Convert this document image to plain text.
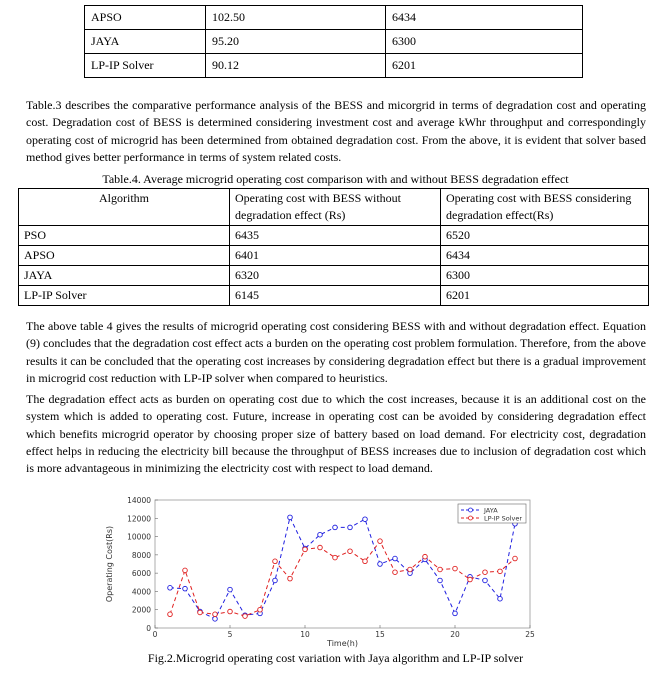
APSO	102.50	6434
JAYA	95.20	6300
LP-IP Solver	90.12	6201

Table.3 describes the comparative performance analysis of the BESS and micorgrid in terms of degradation cost and operating cost. Degradation cost of BESS is determined considering investment cost and average kWhr throughput and correspondingly operating cost of microgrid has been determined from obtained degradation cost. From the above, it is evident that solver based method gives better performance in terms of system related costs.

Table.4. Average microgrid operating cost comparison with and without BESS degradation effect
Algorithm	Operating cost with BESS without degradation effect (Rs)	Operating cost with BESS considering degradation effect(Rs)
PSO	6435	6520
APSO	6401	6434
JAYA	6320	6300
LP-IP Solver	6145	6201

The above table 4 gives the results of microgrid operating cost considering BESS with and without degradation effect. Equation (9) concludes that the degradation cost effect acts a burden on the operating cost problem formulation. Therefore, from the above results it can be concluded that the operating cost increases by considering degradation effect but there is a gradual improvement in microgrid cost reduction with LP-IP solver when compared to heuristics.

The degradation effect acts as burden on operating cost due to which the cost increases, because it is an additional cost on the system which is added to operating cost. Future, increase in operating cost can be avoided by considering degradation effect which benefits microgrid operator by choosing proper size of battery based on load demand. For electricity cost, degradation effect helps in reducing the electricity bill because the throughput of BESS increases due to inclusion of degradation cost which is more advantageous in minimizing the electricity cost with respect to load demand.

0
2000
4000
6000
8000
10000
12000
14000
0	5	10	15	20	25
Time(h)
Operating Cost(Rs)
JAYA
LP-IP Solver
Fig.2.Microgrid operating cost variation with Jaya algorithm and LP-IP solver
